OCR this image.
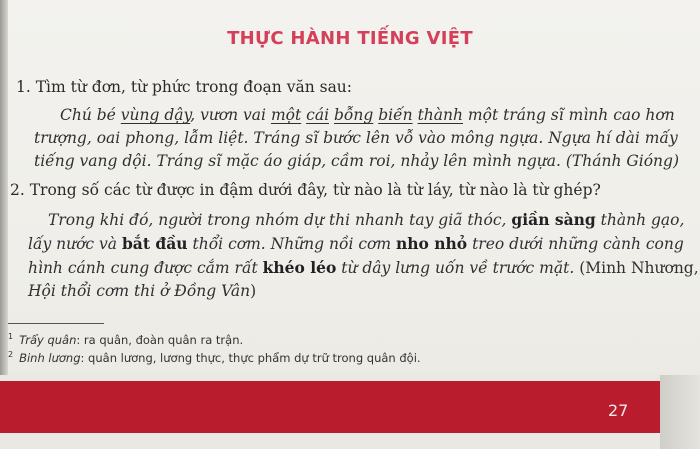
THỰC HÀNH TIẾNG VIỆT
1. Tìm từ đơn, từ phức trong đoạn văn sau:
Chú bé vùng dậy, vươn vai một cái bỗng biến thành một tráng sĩ mình cao hơn
trượng, oai phong, lẫm liệt. Tráng sĩ bước lên vỗ vào mông ngựa. Ngựa hí dài mấy
tiếng vang dội. Tráng sĩ mặc áo giáp, cầm roi, nhảy lên mình ngựa. (Thánh Gióng)
2. Trong số các từ được in đậm dưới đây, từ nào là từ láy, từ nào là từ ghép?
Trong khi đó, người trong nhóm dự thi nhanh tay giã thóc, giần sàng thành gạo,
lấy nước và bắt đầu thổi cơm. Những nồi cơm nho nhỏ treo dưới những cành cong
hình cánh cung được cắm rất khéo léo từ dây lưng uốn về trước mặt. (Minh Nhương,
Hội thổi cơm thi ở Đồng Vân)
$^1$ Trẩy quân: ra quân, đoàn quân ra trận.
$^2$ Binh lương: quân lương, lương thực, thực phẩm dự trữ trong quân đội.
27
